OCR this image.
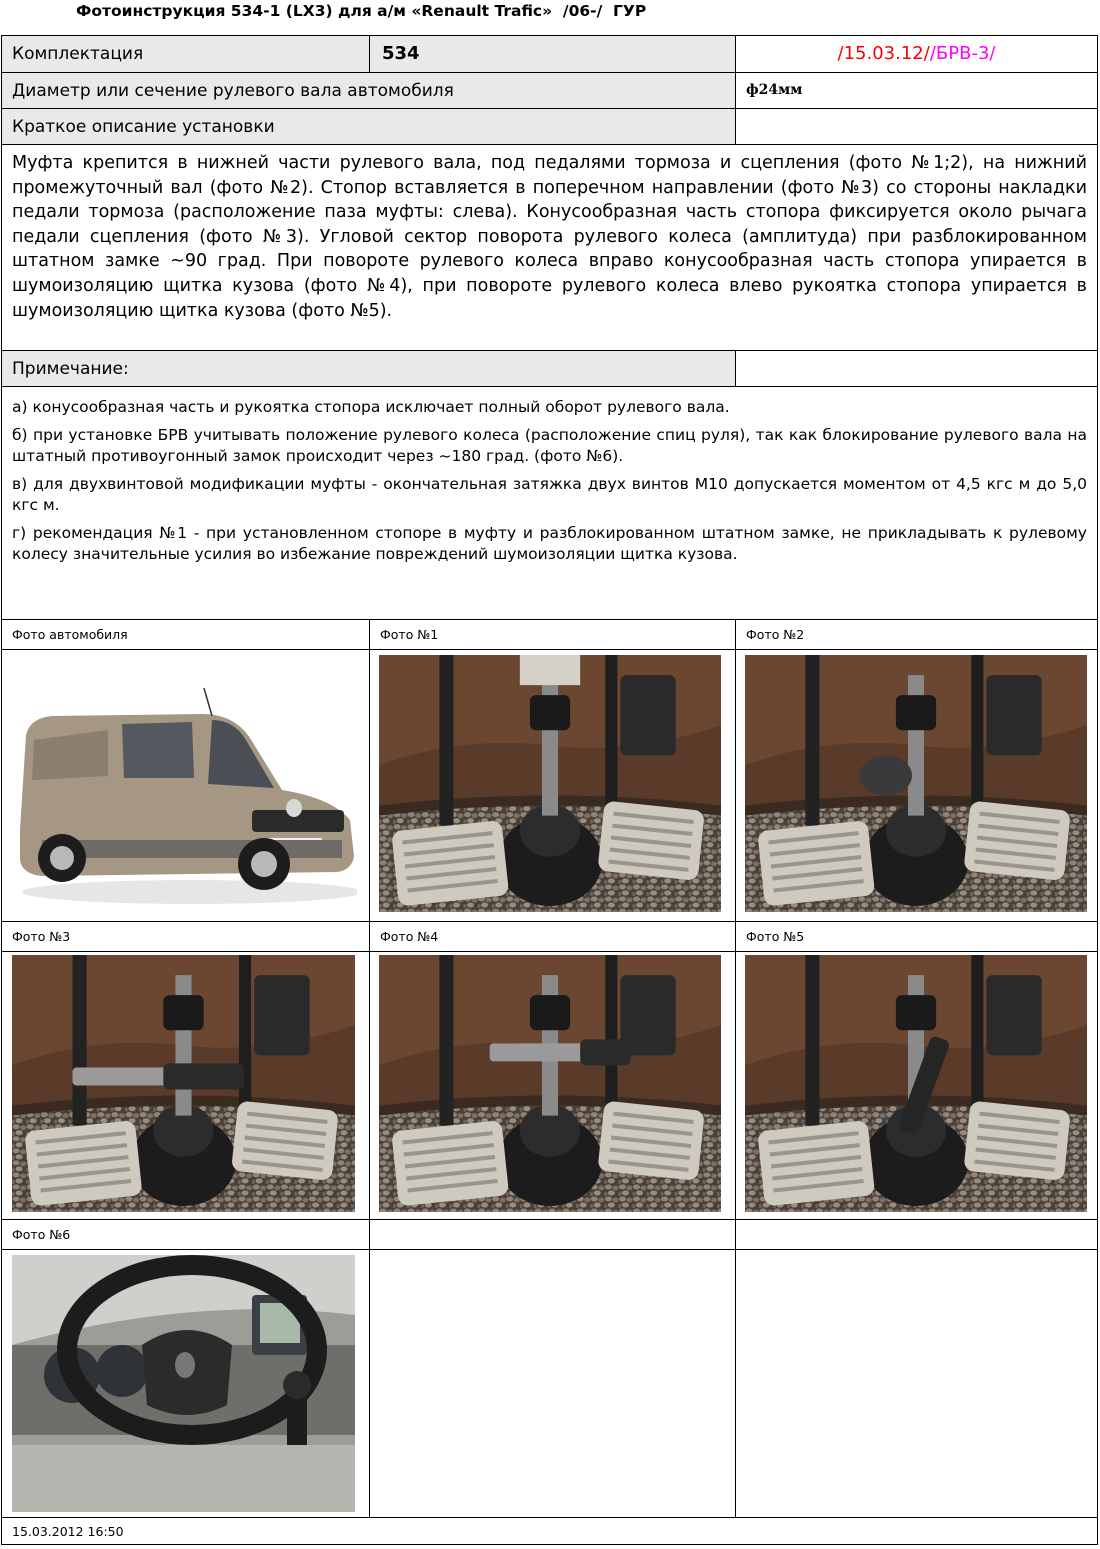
Фотоинструкция 534-1 (LX3) для а/м «Renault Trafic»  /06-/  ГУР
Комплектация	534	/15.03.12//БРВ-3/
Диаметр или сечение рулевого вала автомобиля	ф24мм
Краткое описание установки
Муфта крепится в нижней части рулевого вала, под педалями тормоза и сцепления (фото №1;2), на нижний промежуточный вал (фото №2). Стопор вставляется в поперечном направлении (фото №3) со стороны накладки педали тормоза (расположение паза муфты: слева). Конусообразная часть стопора фиксируется около рычага педали сцепления (фото №3). Угловой сектор поворота рулевого колеса (амплитуда) при разблокированном штатном замке ~90 град. При повороте рулевого колеса вправо конусообразная часть стопора упирается в шумоизоляцию щитка кузова (фото №4), при повороте рулевого колеса влево рукоятка стопора упирается в шумоизоляцию щитка кузова (фото №5).
Примечание:

а) конусообразная часть и рукоятка стопора исключает полный оборот рулевого вала.

б) при установке БРВ учитывать положение рулевого колеса (расположение спиц руля), так как блокирование рулевого вала на штатный противоугонный замок происходит через ~180 град. (фото №6).

в) для двухвинтовой модификации муфты - окончательная затяжка двух винтов М10 допускается моментом от 4,5 кгс м до 5,0 кгс м.

г) рекомендация №1 - при установленном стопоре в муфту и разблокированном штатном замке, не прикладывать к рулевому колесу значительные усилия во избежание повреждений шумоизоляции щитка кузова.

Фото автомобиля	Фото №1	Фото №2
Фото №3	Фото №4	Фото №5
Фото №6
15.03.2012 16:50
